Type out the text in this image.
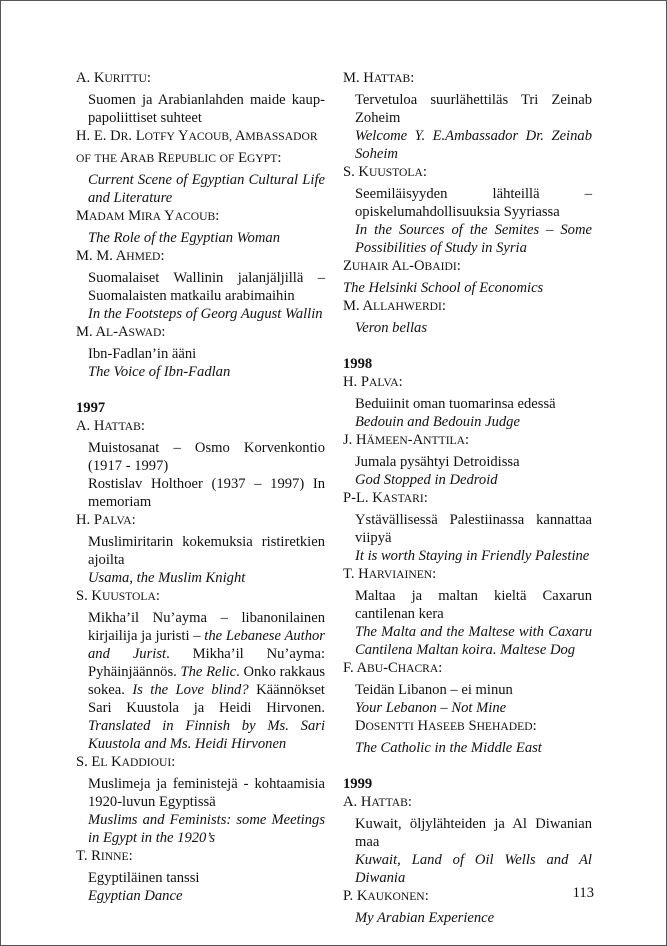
A. KURITTU:

Suomen ja Arabianlahden maide kaup-papoliittiset suhteet

H. E. DR. LOTFY YACOUB, AMBASSADOR OF THE ARAB REPUBLIC OF EGYPT:

Current Scene of Egyptian Cultural Life and Literature

MADAM MIRA YACOUB:

The Role of the Egyptian Woman

M. M. AHMED:

Suomalaiset Wallinin jalanjäljillä – Suomalaisten matkailu arabimaihin

In the Footsteps of Georg August Wallin

M. AL-ASWAD:

Ibn-Fadlan’in ääni

The Voice of Ibn-Fadlan

1997

A. HATTAB:

Muistosanat – Osmo Korvenkontio (1917 - 1997)

Rostislav Holthoer (1937 – 1997) In memoriam

H. PALVA:

Muslimiritarin kokemuksia ristiretkien ajoilta

Usama, the Muslim Knight

S. KUUSTOLA:

Mikha’il Nu’ayma – libanonilainen kirjailija ja juristi – the Lebanese Author and Jurist. Mikha’il Nu’ayma: Pyhäinjäännös. The Relic. Onko rakkaus sokea. Is the Love blind? Käännökset Sari Kuustola ja Heidi Hirvonen. Translated in Finnish by Ms. Sari Kuustola and Ms. Heidi Hirvonen

S. EL KADDIOUI:

Muslimeja ja feministejä - kohtaamisia 1920-luvun Egyptissä

Muslims and Feminists: some Meetings in Egypt in the 1920’s

T. RINNE:

Egyptiläinen tanssi

Egyptian Dance

M. HATTAB:

Tervetuloa suurlähettiläs Tri Zeinab Zoheim

Welcome Y. E.Ambassador Dr. Zeinab Soheim

S. KUUSTOLA:

Seemiläisyyden lähteillä – opiskelumahdollisuuksia Syyriassa

In the Sources of the Semites – Some Possibilities of Study in Syria

ZUHAIR AL-OBAIDI:

The Helsinki School of Economics

M. ALLAHWERDI:

Veron bellas

1998

H. PALVA:

Beduiinit oman tuomarinsa edessä

Bedouin and Bedouin Judge

J. HÄMEEN-ANTTILA:

Jumala pysähtyi Detroidissa

God Stopped in Dedroid

P-L. KASTARI:

Ystävällisessä Palestiinassa kannattaa viipyä

It is worth Staying in Friendly Palestine

T. HARVIAINEN:

Maltaa ja maltan kieltä Caxarun cantilenan kera

The Malta and the Maltese with Caxaru Cantilena Maltan koira. Maltese Dog

F. ABU-CHACRA:

Teidän Libanon – ei minun

Your Lebanon – Not Mine

DOSENTTI HASEEB SHEHADED:

The Catholic in the Middle East

1999

A. HATTAB:

Kuwait, öljylähteiden ja Al Diwanian maa

Kuwait, Land of Oil Wells and Al Diwania

P. KAUKONEN:

My Arabian Experience

113
